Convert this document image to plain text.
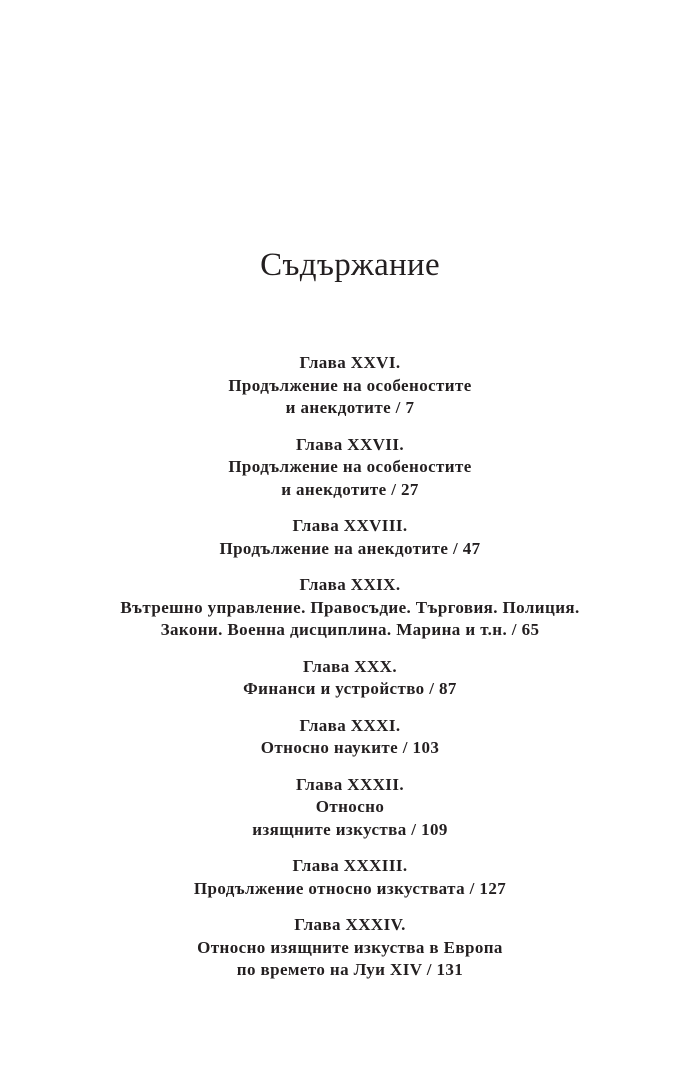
Съдържание
Глава XXVI.
Продължение на особеностите
и анекдотите / 7
Глава XXVII.
Продължение на особеностите
и анекдотите / 27
Глава XXVIII.
Продължение на анекдотите / 47
Глава XXIX.
Вътрешно управление. Правосъдие. Търговия. Полиция.
Закони. Военна дисциплина. Марина и т.н. / 65
Глава XXX.
Финанси и устройство / 87
Глава XXXI.
Относно науките / 103
Глава XXXII.
Относно
изящните изкуства / 109
Глава XXXIII.
Продължение относно изкуствата / 127
Глава XXXIV.
Относно изящните изкуства в Европа
по времето на Луи XIV / 131
